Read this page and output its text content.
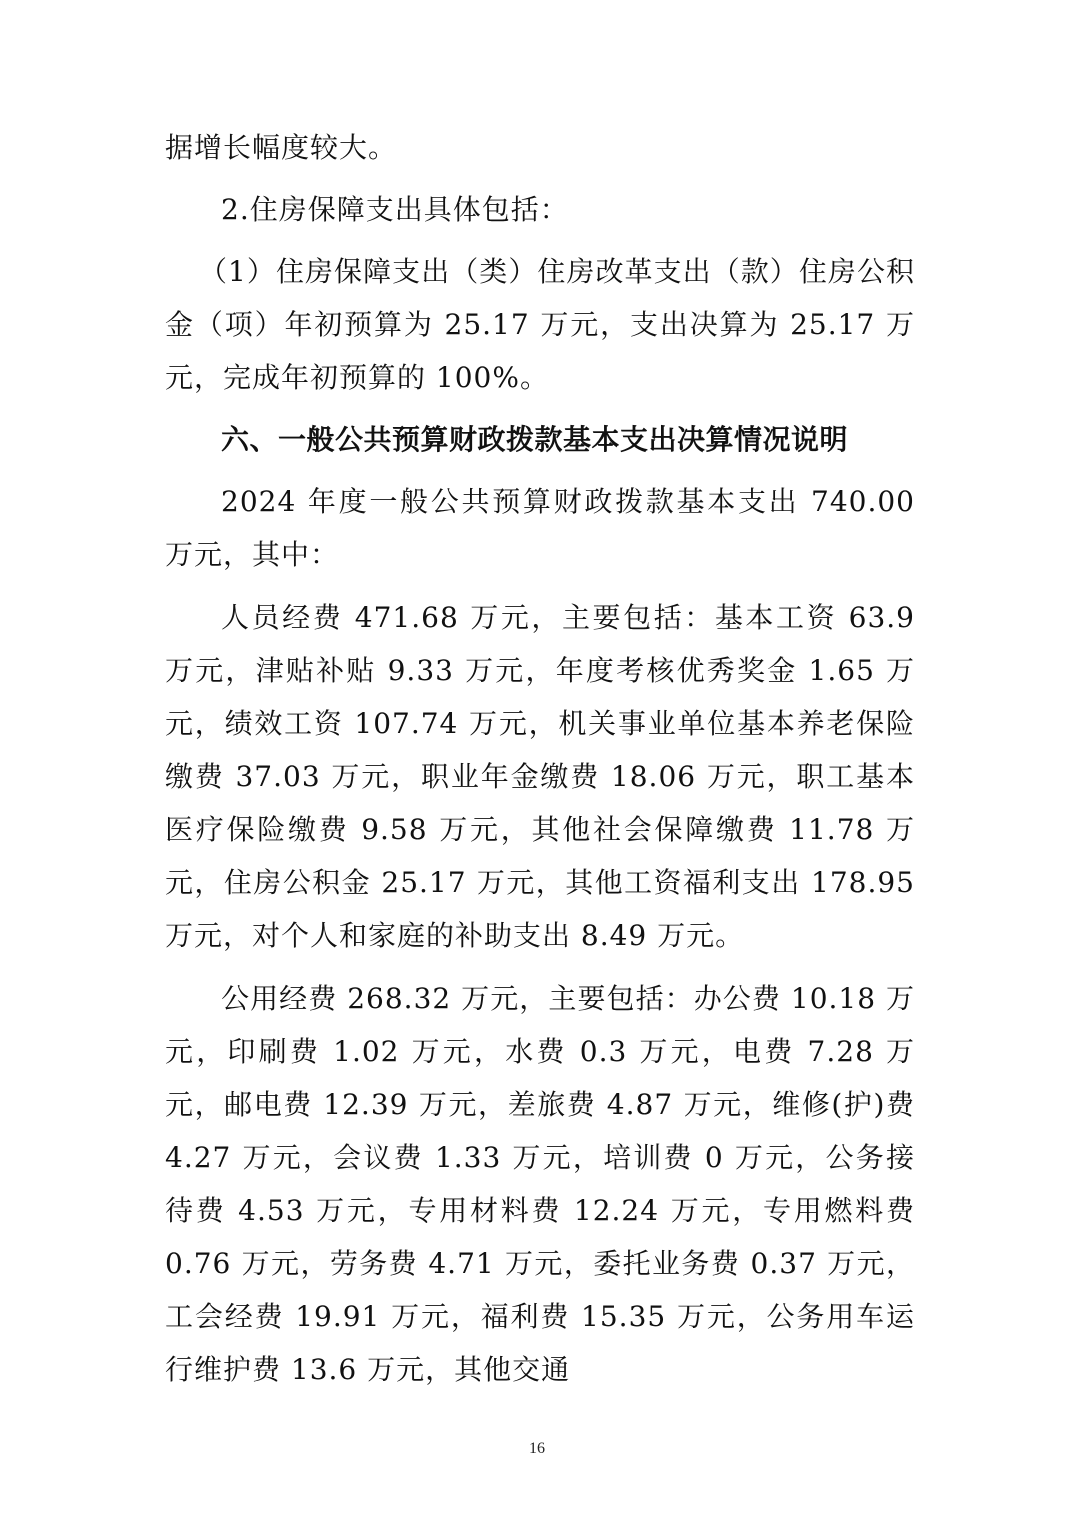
据增长幅度较大。

2.住房保障支出具体包括：

（1）住房保障支出（类）住房改革支出（款）住房公积金（项）年初预算为 25.17 万元，支出决算为 25.17 万元，完成年初预算的 100%。

六、一般公共预算财政拨款基本支出决算情况说明

2024 年度一般公共预算财政拨款基本支出 740.00 万元，其中：

人员经费 471.68 万元，主要包括：基本工资 63.9 万元，津贴补贴 9.33 万元，年度考核优秀奖金 1.65 万元，绩效工资 107.74 万元，机关事业单位基本养老保险缴费 37.03 万元，职业年金缴费 18.06 万元，职工基本医疗保险缴费 9.58 万元，其他社会保障缴费 11.78 万元，住房公积金 25.17 万元，其他工资福利支出 178.95 万元，对个人和家庭的补助支出 8.49 万元。

公用经费 268.32 万元，主要包括：办公费 10.18 万元，印刷费 1.02 万元，水费 0.3 万元，电费 7.28 万元，邮电费 12.39 万元，差旅费 4.87 万元，维修(护)费 4.27 万元，会议费 1.33 万元，培训费 0 万元，公务接待费 4.53 万元，专用材料费 12.24 万元，专用燃料费 0.76 万元，劳务费 4.71 万元，委托业务费 0.37 万元，工会经费 19.91 万元，福利费 15.35 万元，公务用车运行维护费 13.6 万元，其他交通

16
